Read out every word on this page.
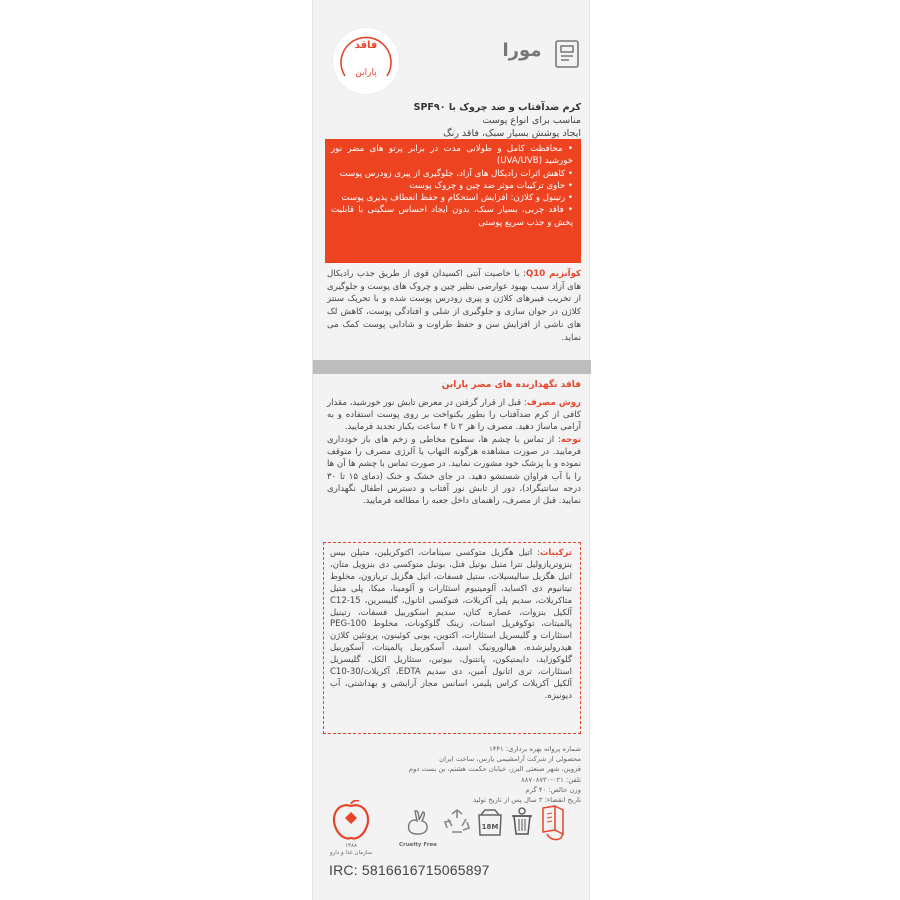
فاقد
پارابن
مورا
کرم ضدآفتاب و ضد چروک با SPF۹۰
مناسب برای انواع پوست
ایجاد پوشش بسیار سبک، فاقد رنگ

• محافظت کامل و طولانی مدت در برابر پرتو های مضر نور خورشید (UVA/UVB)

• کاهش اثرات رادیکال های آزاد، جلوگیری از پیری زودرس پوست

• حاوی ترکیبات موثر ضد چین و چروک پوست

• رتینول و کلاژن: افزایش استحکام و حفظ انعطاف پذیری پوست

• فاقد چربی، بسیار سبک، بدون ایجاد احساس سنگینی با قابلیت پخش و جذب سریع پوستی

کوآنزیم Q10: با خاصیت آنتی اکسیدان قوی از طریق جذب رادیکال های آزاد سبب بهبود عوارضی نظیر چین و چروک های پوست و جلوگیری از تخریب فیبرهای کلاژن و پیری زودرس پوست شده و با تحریک سنتز کلاژن در جوان سازی و جلوگیری از شلی و افتادگی پوست، کاهش لک های ناشی از افزایش سن و حفظ طراوت و شادابی پوست کمک می نماید.
فاقد نگهدارنده های مضر پارابن

روش مصرف: قبل از قرار گرفتن در معرض تابش نور خورشید، مقدار کافی از کرم ضدآفتاب را بطور یکنواخت بر روی پوست استفاده و به آرامی ماساژ دهید. مصرف را هر ۲ تا ۴ ساعت یکبار تجدید فرمایید.

توجه: از تماس با چشم ها، سطوح مخاطی و زخم های باز خودداری فرمایید. در صورت مشاهده هرگونه التهاب یا آلرژی مصرف را متوقف نموده و با پزشک خود مشورت نمایید. در صورت تماس با چشم ها آن ها را با آب فراوان شستشو دهید. در جای خشک و خنک (دمای ۱۵ تا ۳۰ درجه سانتیگراد)، دور از تابش نور آفتاب و دسترس اطفال نگهداری نمایید. قبل از مصرف، راهنمای داخل جعبه را مطالعه فرمایید.

ترکیبات: اتیل هگزیل متوکسی سینامات، اکتوکریلین، متیلن بیس بنزوتریازولیل تترا متیل بوتیل فنل، بوتیل متوکسی دی بنزویل متان، اتیل هگزیل سالیسیلات، ستیل فسفات، اتیل هگزیل تریازون، مخلوط تیتانیوم دی اکساید، آلومینیوم استئارات و آلومینا، میکا، پلی متیل متاکریلات، سدیم پلی آکریلات، فنوکسی اتانول، گلیسرین، C12-15 آلکیل بنزوات، عصاره کتان، سدیم اسکوربیل فسفات، رتینیل پالمیتات، توکوفریل استات، زینک گلوکونات، مخلوط PEG-100 استئارات و گلیسریل استئارات، اکتوین، یوبی کوئینون، پروتئین کلاژن هیدرولیزشده، هیالورونیک اسید، آسکوربیل پالمیتات، آسکوربیل گلوکوزاید، دایمتیکون، پانتنول، بیوتین، ستئاریل الکل، گلیسریل استئارات، تری اتانول آمین، دی سدیم EDTA، آکریلات/C10-30 آلکیل آکریلات کراس پلیمر، اسانس مجاز آرایشی و بهداشتی، آب دیونیزه.

شماره پروانه بهره برداری: ۱۴۴۱

محصولی از شرکت آرامشیمی پارس، ساخت ایران

قزوین، شهر صنعتی البرز، خیابان حکمت هشتم، بن بست دوم

تلفن: ۰۲۱-۸۸۷۰۸۷۳۰

وزن خالص: ۴۰ گرم

تاریخ انقضاء: ۳ سال پس از تاریخ تولید

۱۳۸۸
سازمان غذا و دارو
Cruelty Free
18M
IRC: 5816616715065897
